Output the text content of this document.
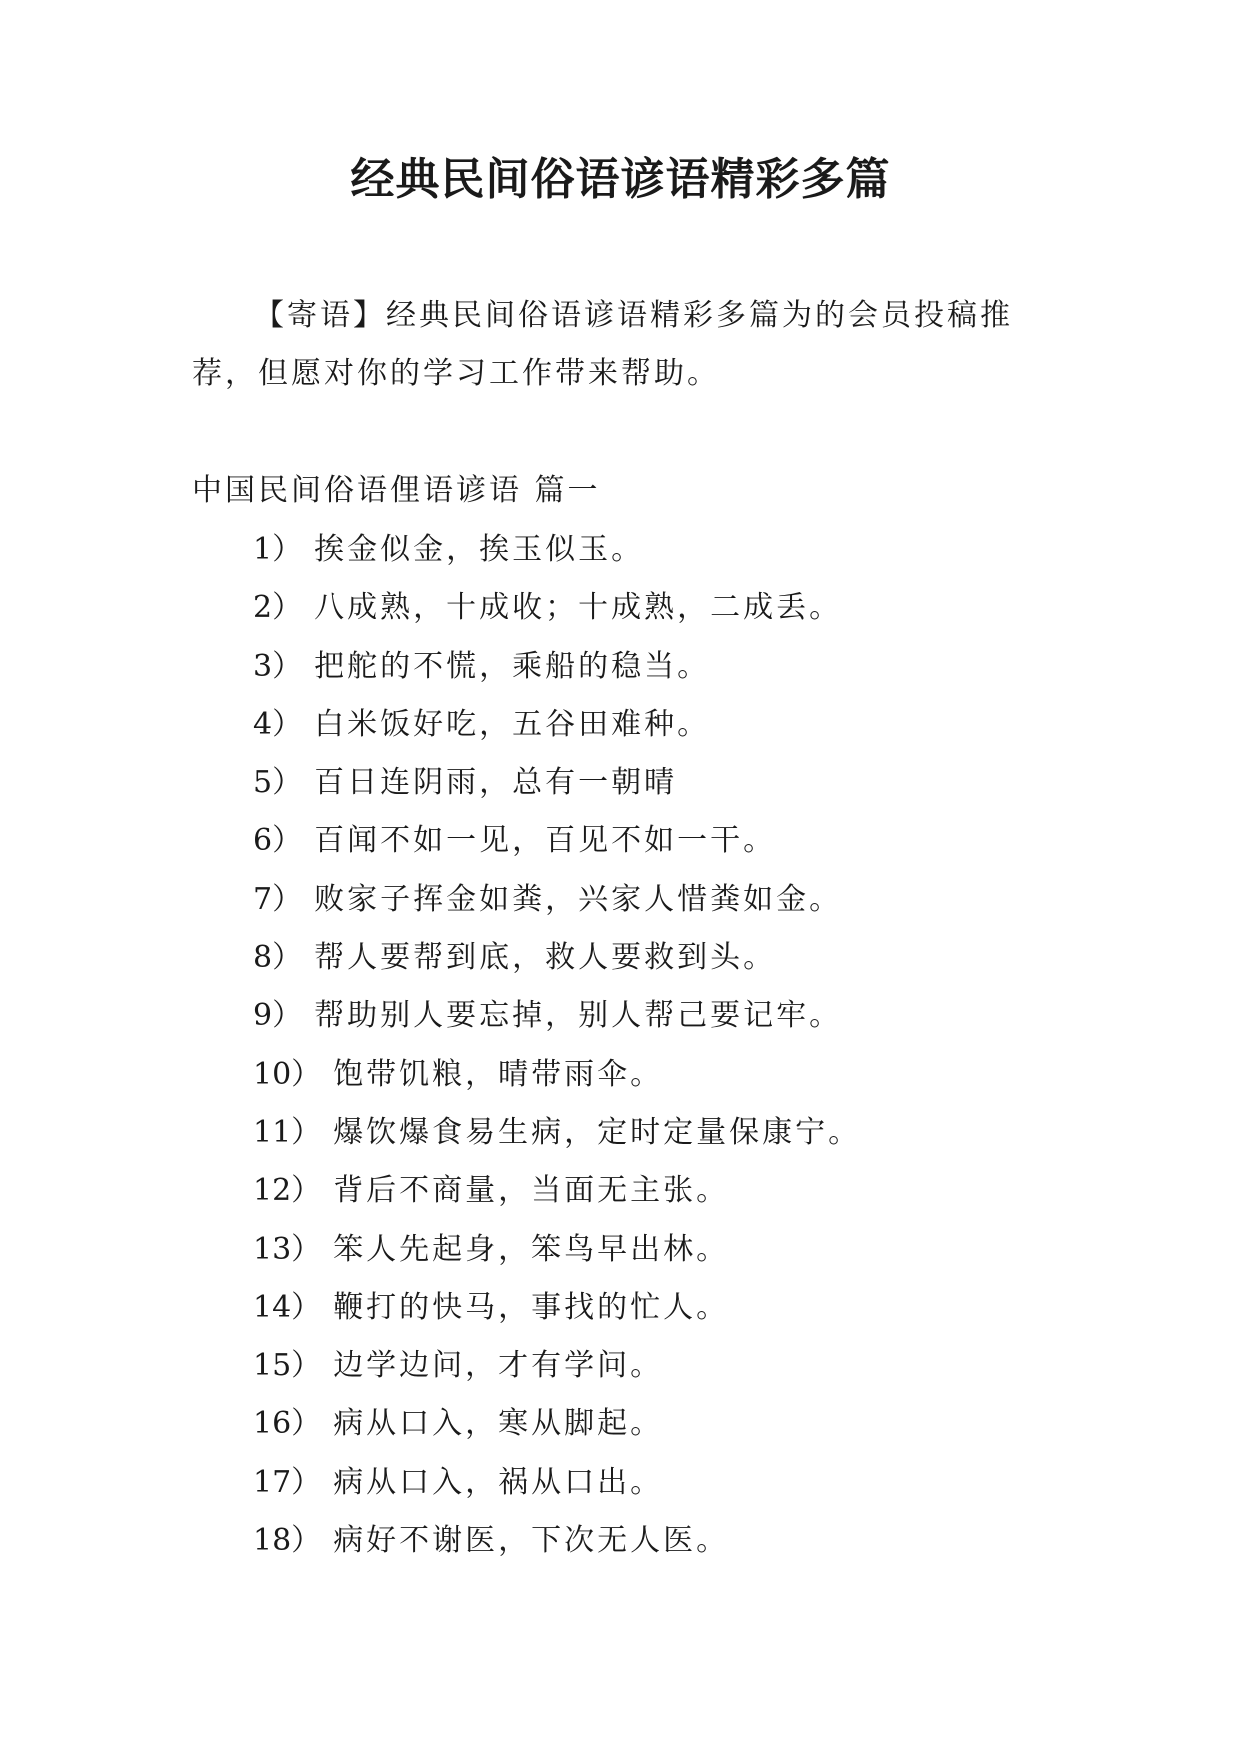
经典民间俗语谚语精彩多篇

【寄语】经典民间俗语谚语精彩多篇为的会员投稿推荐，但愿对你的学习工作带来帮助。

中国民间俗语俚语谚语 篇一
1） 挨金似金，挨玉似玉。
2） 八成熟，十成收；十成熟，二成丢。
3） 把舵的不慌，乘船的稳当。
4） 白米饭好吃，五谷田难种。
5） 百日连阴雨，总有一朝晴
6） 百闻不如一见，百见不如一干。
7） 败家子挥金如粪，兴家人惜粪如金。
8） 帮人要帮到底，救人要救到头。
9） 帮助别人要忘掉，别人帮己要记牢。
10） 饱带饥粮，晴带雨伞。
11） 爆饮爆食易生病，定时定量保康宁。
12） 背后不商量，当面无主张。
13） 笨人先起身，笨鸟早出林。
14） 鞭打的快马，事找的忙人。
15） 边学边问，才有学问。
16） 病从口入，寒从脚起。
17） 病从口入，祸从口出。
18） 病好不谢医，下次无人医。
